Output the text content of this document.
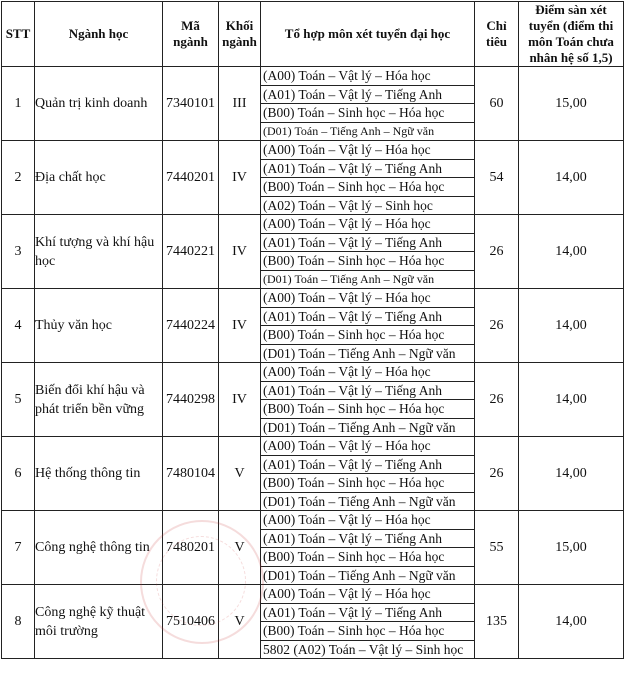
STT	Ngành học	Mã ngành	Khối ngành	Tổ hợp môn xét tuyển đại học	Chỉ tiêu	Điểm sàn xét tuyển (điểm thi môn Toán chưa nhân hệ số 1,5)
1	Quản trị kinh doanh	7340101	III	(A00) Toán – Vật lý – Hóa học
(A01) Toán – Vật lý – Tiếng Anh
(B00) Toán – Sinh học – Hóa học
(D01) Toán – Tiếng Anh – Ngữ văn	60	15,00
2	Địa chất học	7440201	IV	(A00) Toán – Vật lý – Hóa học
(A01) Toán – Vật lý – Tiếng Anh
(B00) Toán – Sinh học – Hóa học
(A02) Toán – Vật lý – Sinh học	54	14,00
3	Khí tượng và khí hậu học	7440221	IV	(A00) Toán – Vật lý – Hóa học
(A01) Toán – Vật lý – Tiếng Anh
(B00) Toán – Sinh học – Hóa học
(D01) Toán – Tiếng Anh – Ngữ văn	26	14,00
4	Thủy văn học	7440224	IV	(A00) Toán – Vật lý – Hóa học
(A01) Toán – Vật lý – Tiếng Anh
(B00) Toán – Sinh học – Hóa học
(D01) Toán – Tiếng Anh – Ngữ văn	26	14,00
5	Biến đổi khí hậu và phát triển bền vững	7440298	IV	(A00) Toán – Vật lý – Hóa học
(A01) Toán – Vật lý – Tiếng Anh
(B00) Toán – Sinh học – Hóa học
(D01) Toán – Tiếng Anh – Ngữ văn	26	14,00
6	Hệ thống thông tin	7480104	V	(A00) Toán – Vật lý – Hóa học
(A01) Toán – Vật lý – Tiếng Anh
(B00) Toán – Sinh học – Hóa học
(D01) Toán – Tiếng Anh – Ngữ văn	26	14,00
7	Công nghệ thông tin	7480201	V	(A00) Toán – Vật lý – Hóa học
(A01) Toán – Vật lý – Tiếng Anh
(B00) Toán – Sinh học – Hóa học
(D01) Toán – Tiếng Anh – Ngữ văn	55	15,00
8	Công nghệ kỹ thuật môi trường	7510406	V	(A00) Toán – Vật lý – Hóa học
(A01) Toán – Vật lý – Tiếng Anh
(B00) Toán – Sinh học – Hóa học
5802 (A02) Toán – Vật lý – Sinh học	135	14,00
